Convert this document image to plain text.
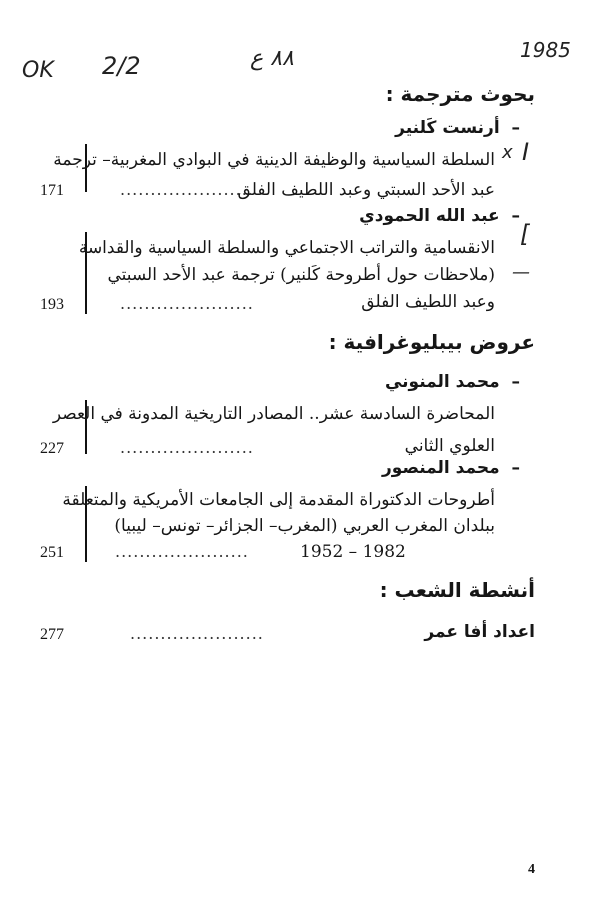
OK 2/2	٨٨ ع	1985
I
x
[
—
بحوث مترجمة :
–  أرنست كَلنير
السلطة السياسية والوظيفة الدينية في البوادي المغربية– ترجمة
عبد الأحد السبتي وعبد اللطيف الفلق
......................
171
–  عبد الله الحمودي
الانقسامية والتراتب الاجتماعي والسلطة السياسية والقداسة
(ملاحظات حول أطروحة كَلنير) ترجمة عبد الأحد السبتي
وعبد اللطيف الفلق
......................
193
عروض بيبليوغرافية :
–  محمد المنوني
المحاضرة السادسة عشر.. المصادر التاريخية المدونة في العصر
العلوي الثاني
......................
227
–  محمد المنصور
أطروحات الدكتوراة المقدمة إلى الجامعات الأمريكية والمتعلقة
ببلدان المغرب العربي (المغرب– الجزائر– تونس– ليبيا)
1952 – 1982
......................
251
أنشطة الشعب :
اعداد أفا عمر
......................
277
4
